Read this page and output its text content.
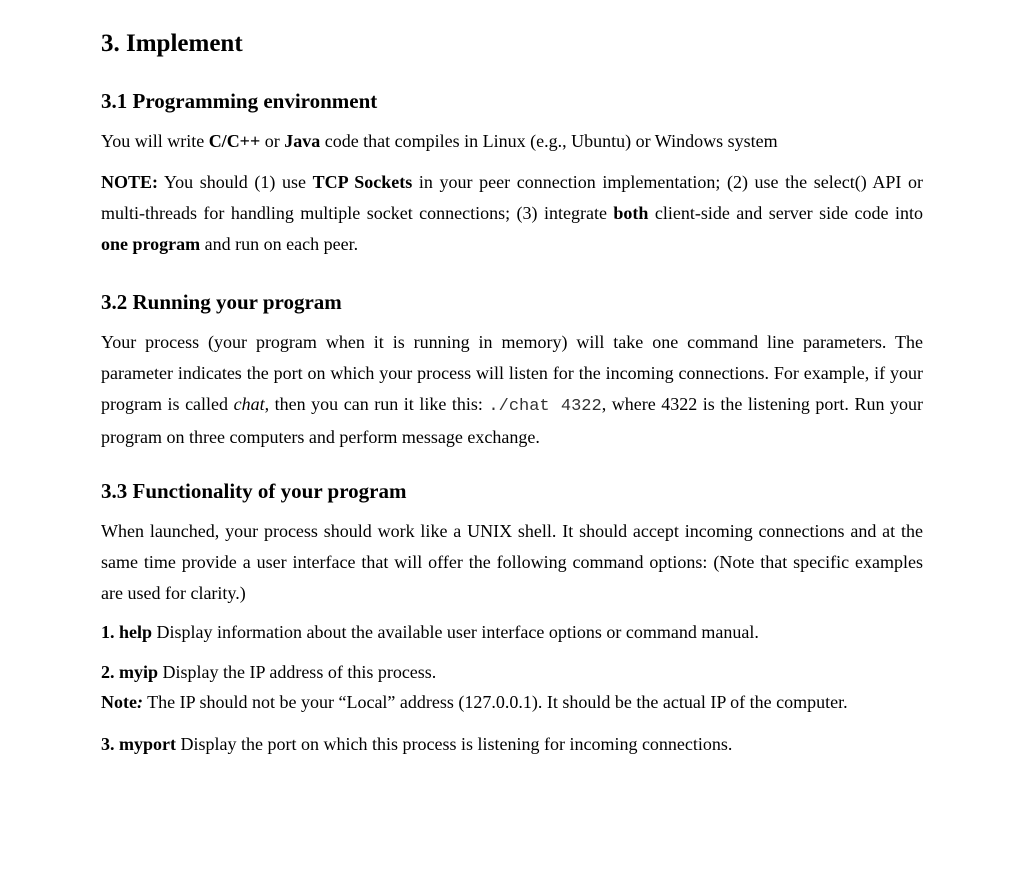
3. Implement
3.1 Programming environment

You will write C/C++ or Java code that compiles in Linux (e.g., Ubuntu) or Windows system

NOTE: You should (1) use TCP Sockets in your peer connection implementation; (2) use the select() API or multi-threads for handling multiple socket connections; (3) integrate both client-side and server side code into one program and run on each peer.

3.2 Running your program

Your process (your program when it is running in memory) will take one command line parameters. The parameter indicates the port on which your process will listen for the incoming connections. For example, if your program is called chat, then you can run it like this: ./chat 4322, where 4322 is the listening port. Run your program on three computers and perform message exchange.

3.3 Functionality of your program

When launched, your process should work like a UNIX shell. It should accept incoming connections and at the same time provide a user interface that will offer the following command options: (Note that specific examples are used for clarity.)

1. help Display information about the available user interface options or command manual.

2. myip Display the IP address of this process.

Note: The IP should not be your “Local” address (127.0.0.1). It should be the actual IP of the computer.

3. myport Display the port on which this process is listening for incoming connections.
